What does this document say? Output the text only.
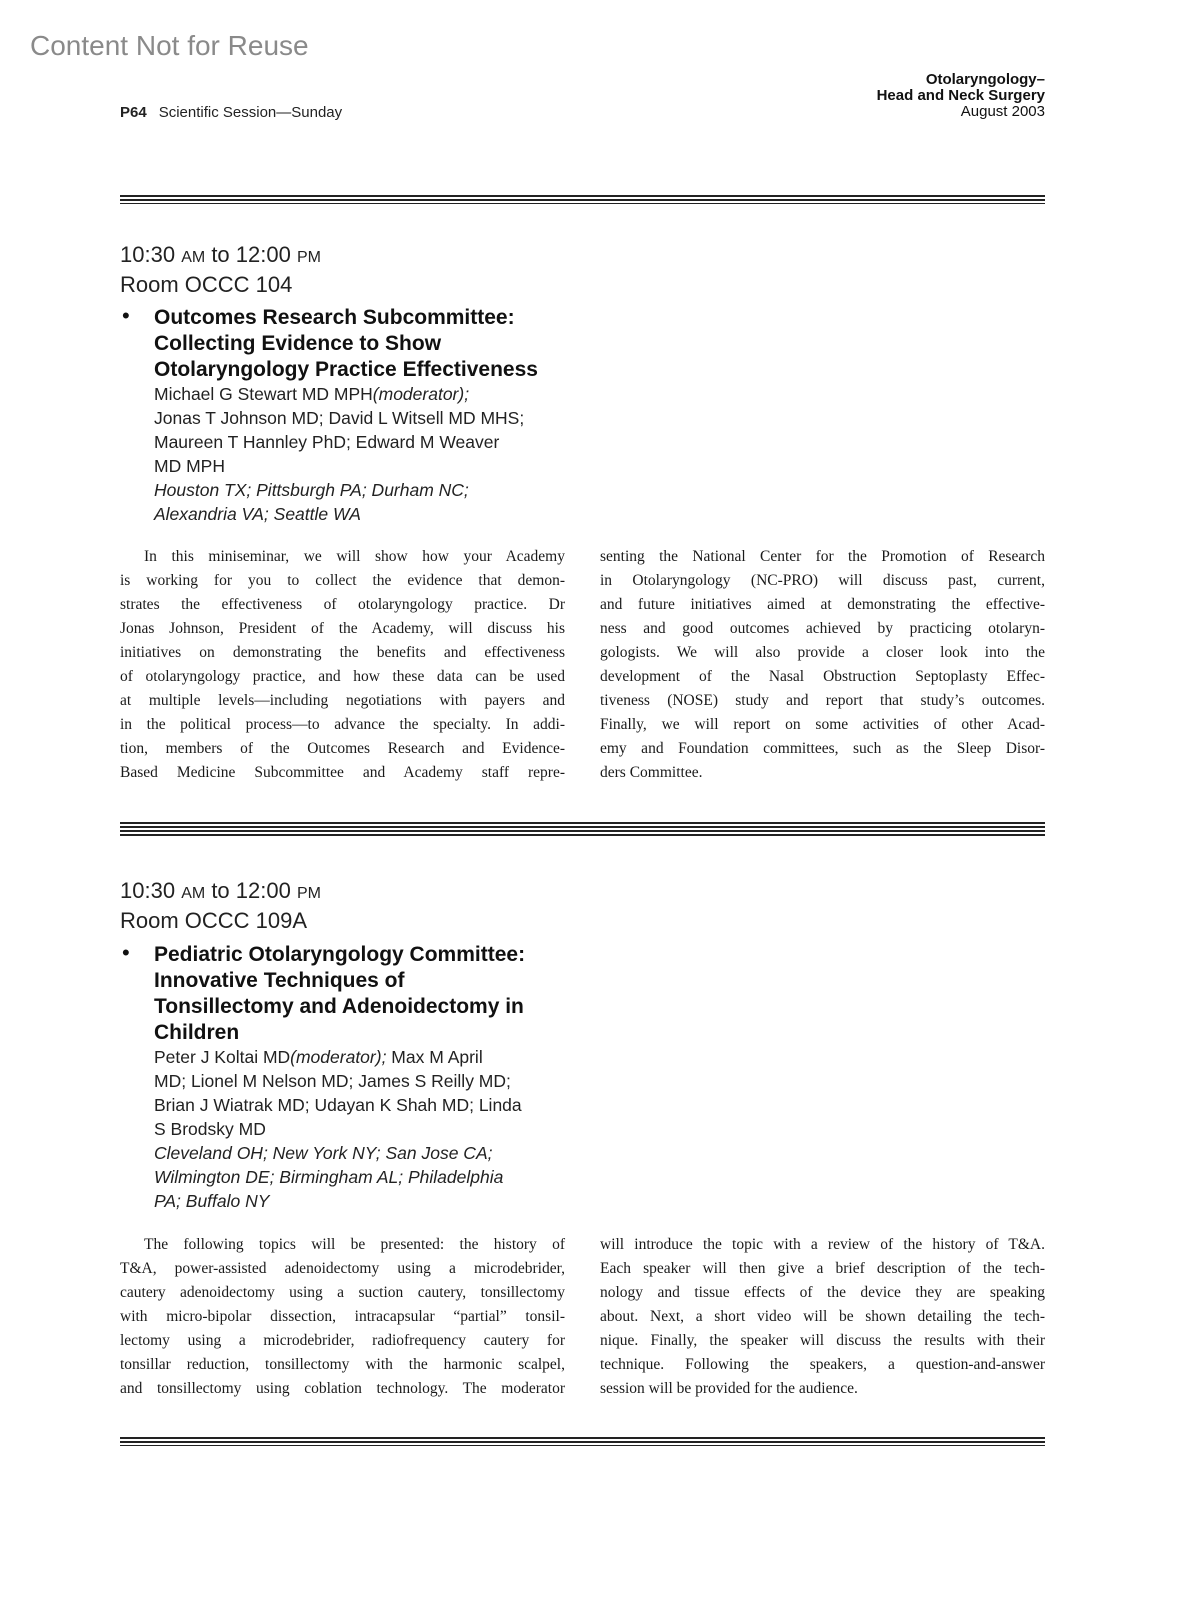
Content Not for Reuse
P64 Scientific Session—Sunday
Otolaryngology–
Head and Neck Surgery
August 2003
10:30 AM to 12:00 PM
Room OCCC 104
• Outcomes Research Subcommittee:
Collecting Evidence to Show
Otolaryngology Practice Effectiveness
Michael G Stewart MD MPH(moderator);
Jonas T Johnson MD; David L Witsell MD MHS;
Maureen T Hannley PhD; Edward M Weaver
MD MPH
Houston TX; Pittsburgh PA; Durham NC;
Alexandria VA; Seattle WA
In this miniseminar, we will show how your Academy
is working for you to collect the evidence that demon-
strates the effectiveness of otolaryngology practice. Dr
Jonas Johnson, President of the Academy, will discuss his
initiatives on demonstrating the benefits and effectiveness
of otolaryngology practice, and how these data can be used
at multiple levels—including negotiations with payers and
in the political process—to advance the specialty. In addi-
tion, members of the Outcomes Research and Evidence-
Based Medicine Subcommittee and Academy staff repre-
senting the National Center for the Promotion of Research
in Otolaryngology (NC-PRO) will discuss past, current,
and future initiatives aimed at demonstrating the effective-
ness and good outcomes achieved by practicing otolaryn-
gologists. We will also provide a closer look into the
development of the Nasal Obstruction Septoplasty Effec-
tiveness (NOSE) study and report that study’s outcomes.
Finally, we will report on some activities of other Acad-
emy and Foundation committees, such as the Sleep Disor-
ders Committee.
10:30 AM to 12:00 PM
Room OCCC 109A
• Pediatric Otolaryngology Committee:
Innovative Techniques of
Tonsillectomy and Adenoidectomy in
Children
Peter J Koltai MD(moderator); Max M April
MD; Lionel M Nelson MD; James S Reilly MD;
Brian J Wiatrak MD; Udayan K Shah MD; Linda
S Brodsky MD
Cleveland OH; New York NY; San Jose CA;
Wilmington DE; Birmingham AL; Philadelphia
PA; Buffalo NY
The following topics will be presented: the history of
T&A, power-assisted adenoidectomy using a microdebrider,
cautery adenoidectomy using a suction cautery, tonsillectomy
with micro-bipolar dissection, intracapsular “partial” tonsil-
lectomy using a microdebrider, radiofrequency cautery for
tonsillar reduction, tonsillectomy with the harmonic scalpel,
and tonsillectomy using coblation technology. The moderator
will introduce the topic with a review of the history of T&A.
Each speaker will then give a brief description of the tech-
nology and tissue effects of the device they are speaking
about. Next, a short video will be shown detailing the tech-
nique. Finally, the speaker will discuss the results with their
technique. Following the speakers, a question-and-answer
session will be provided for the audience.
